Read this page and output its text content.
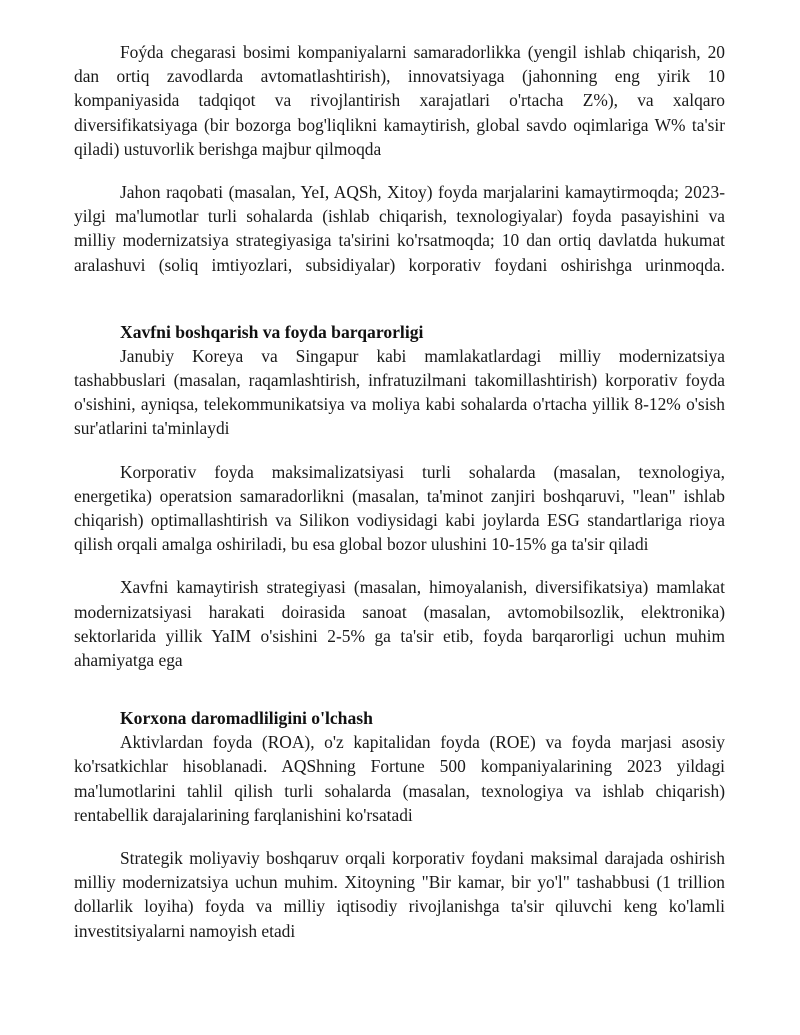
Foýda chegarasi bosimi kompaniyalarni samaradorlikka (yengil ishlab chiqarish, 20 dan ortiq zavodlarda avtomatlashtirish), innovatsiyaga (jahonning eng yirik 10 kompaniyasida tadqiqot va rivojlantirish xarajatlari o'rtacha Z%), va xalqaro diversifikatsiyaga (bir bozorga bog'liqlikni kamaytirish, global savdo oqimlariga W% ta'sir qiladi) ustuvorlik berishga majbur qilmoqda

Jahon raqobati (masalan, YeI, AQSh, Xitoy) foyda marjalarini kamaytirmoqda; 2023-yilgi ma'lumotlar turli sohalarda (ishlab chiqarish, texnologiyalar) foyda pasayishini va milliy modernizatsiya strategiyasiga ta'sirini ko'rsatmoqda; 10 dan ortiq davlatda hukumat aralashuvi (soliq imtiyozlari, subsidiyalar) korporativ foydani oshirishga urinmoqda.

Xavfni boshqarish va foyda barqarorligi

Janubiy Koreya va Singapur kabi mamlakatlardagi milliy modernizatsiya tashabbuslari (masalan, raqamlashtirish, infratuzilmani takomillashtirish) korporativ foyda o'sishini, ayniqsa, telekommunikatsiya va moliya kabi sohalarda o'rtacha yillik 8-12% o'sish sur'atlarini ta'minlaydi

Korporativ foyda maksimalizatsiyasi turli sohalarda (masalan, texnologiya, energetika) operatsion samaradorlikni (masalan, ta'minot zanjiri boshqaruvi, "lean" ishlab chiqarish) optimallashtirish va Silikon vodiysidagi kabi joylarda ESG standartlariga rioya qilish orqali amalga oshiriladi, bu esa global bozor ulushini 10-15% ga ta'sir qiladi

Xavfni kamaytirish strategiyasi (masalan, himoyalanish, diversifikatsiya) mamlakat modernizatsiyasi harakati doirasida sanoat (masalan, avtomobilsozlik, elektronika) sektorlarida yillik YaIM o'sishini 2-5% ga ta'sir etib, foyda barqarorligi uchun muhim ahamiyatga ega

Korxona daromadliligini o'lchash

Aktivlardan foyda (ROA), o'z kapitalidan foyda (ROE) va foyda marjasi asosiy ko'rsatkichlar hisoblanadi. AQShning Fortune 500 kompaniyalarining 2023 yildagi ma'lumotlarini tahlil qilish turli sohalarda (masalan, texnologiya va ishlab chiqarish) rentabellik darajalarining farqlanishini ko'rsatadi

Strategik moliyaviy boshqaruv orqali korporativ foydani maksimal darajada oshirish milliy modernizatsiya uchun muhim. Xitoyning "Bir kamar, bir yo'l" tashabbusi (1 trillion dollarlik loyiha) foyda va milliy iqtisodiy rivojlanishga ta'sir qiluvchi keng ko'lamli investitsiyalarni namoyish etadi
